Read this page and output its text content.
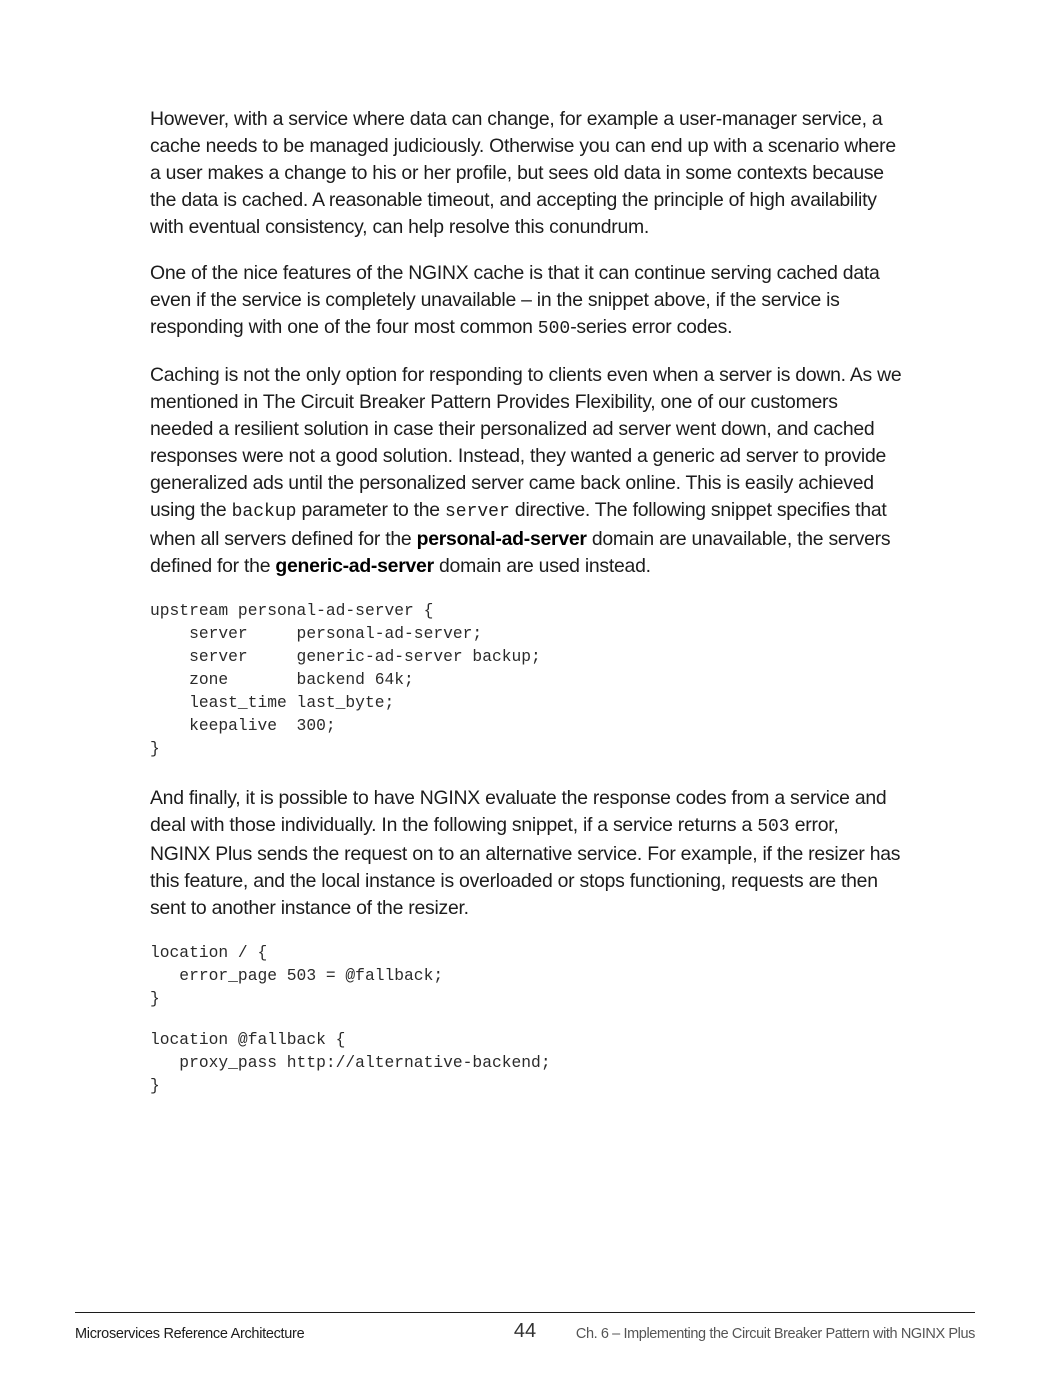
However, with a service where data can change, for example a user-manager service, a cache needs to be managed judiciously. Otherwise you can end up with a scenario where a user makes a change to his or her profile, but sees old data in some contexts because the data is cached. A reasonable timeout, and accepting the principle of high availability with eventual consistency, can help resolve this conundrum.

One of the nice features of the NGINX cache is that it can continue serving cached data even if the service is completely unavailable – in the snippet above, if the service is responding with one of the four most common 500-series error codes.

Caching is not the only option for responding to clients even when a server is down. As we mentioned in The Circuit Breaker Pattern Provides Flexibility, one of our customers needed a resilient solution in case their personalized ad server went down, and cached responses were not a good solution. Instead, they wanted a generic ad server to provide generalized ads until the personalized server came back online. This is easily achieved using the backup parameter to the server directive. The following snippet specifies that when all servers defined for the personal-ad-server domain are unavailable, the servers defined for the generic-ad-server domain are used instead.

upstream personal-ad-server {
server     personal-ad-server;
server     generic-ad-server backup;
zone       backend 64k;
least_time last_byte;
keepalive  300;
}

And finally, it is possible to have NGINX evaluate the response codes from a service and deal with those individually. In the following snippet, if a service returns a 503 error, NGINX Plus sends the request on to an alternative service. For example, if the resizer has this feature, and the local instance is overloaded or stops functioning, requests are then sent to another instance of the resizer.

location / {
error_page 503 = @fallback;
}
location @fallback {
proxy_pass http://alternative-backend;
}
Microservices Reference Architecture	44	Ch. 6 – Implementing the Circuit Breaker Pattern with NGINX Plus
